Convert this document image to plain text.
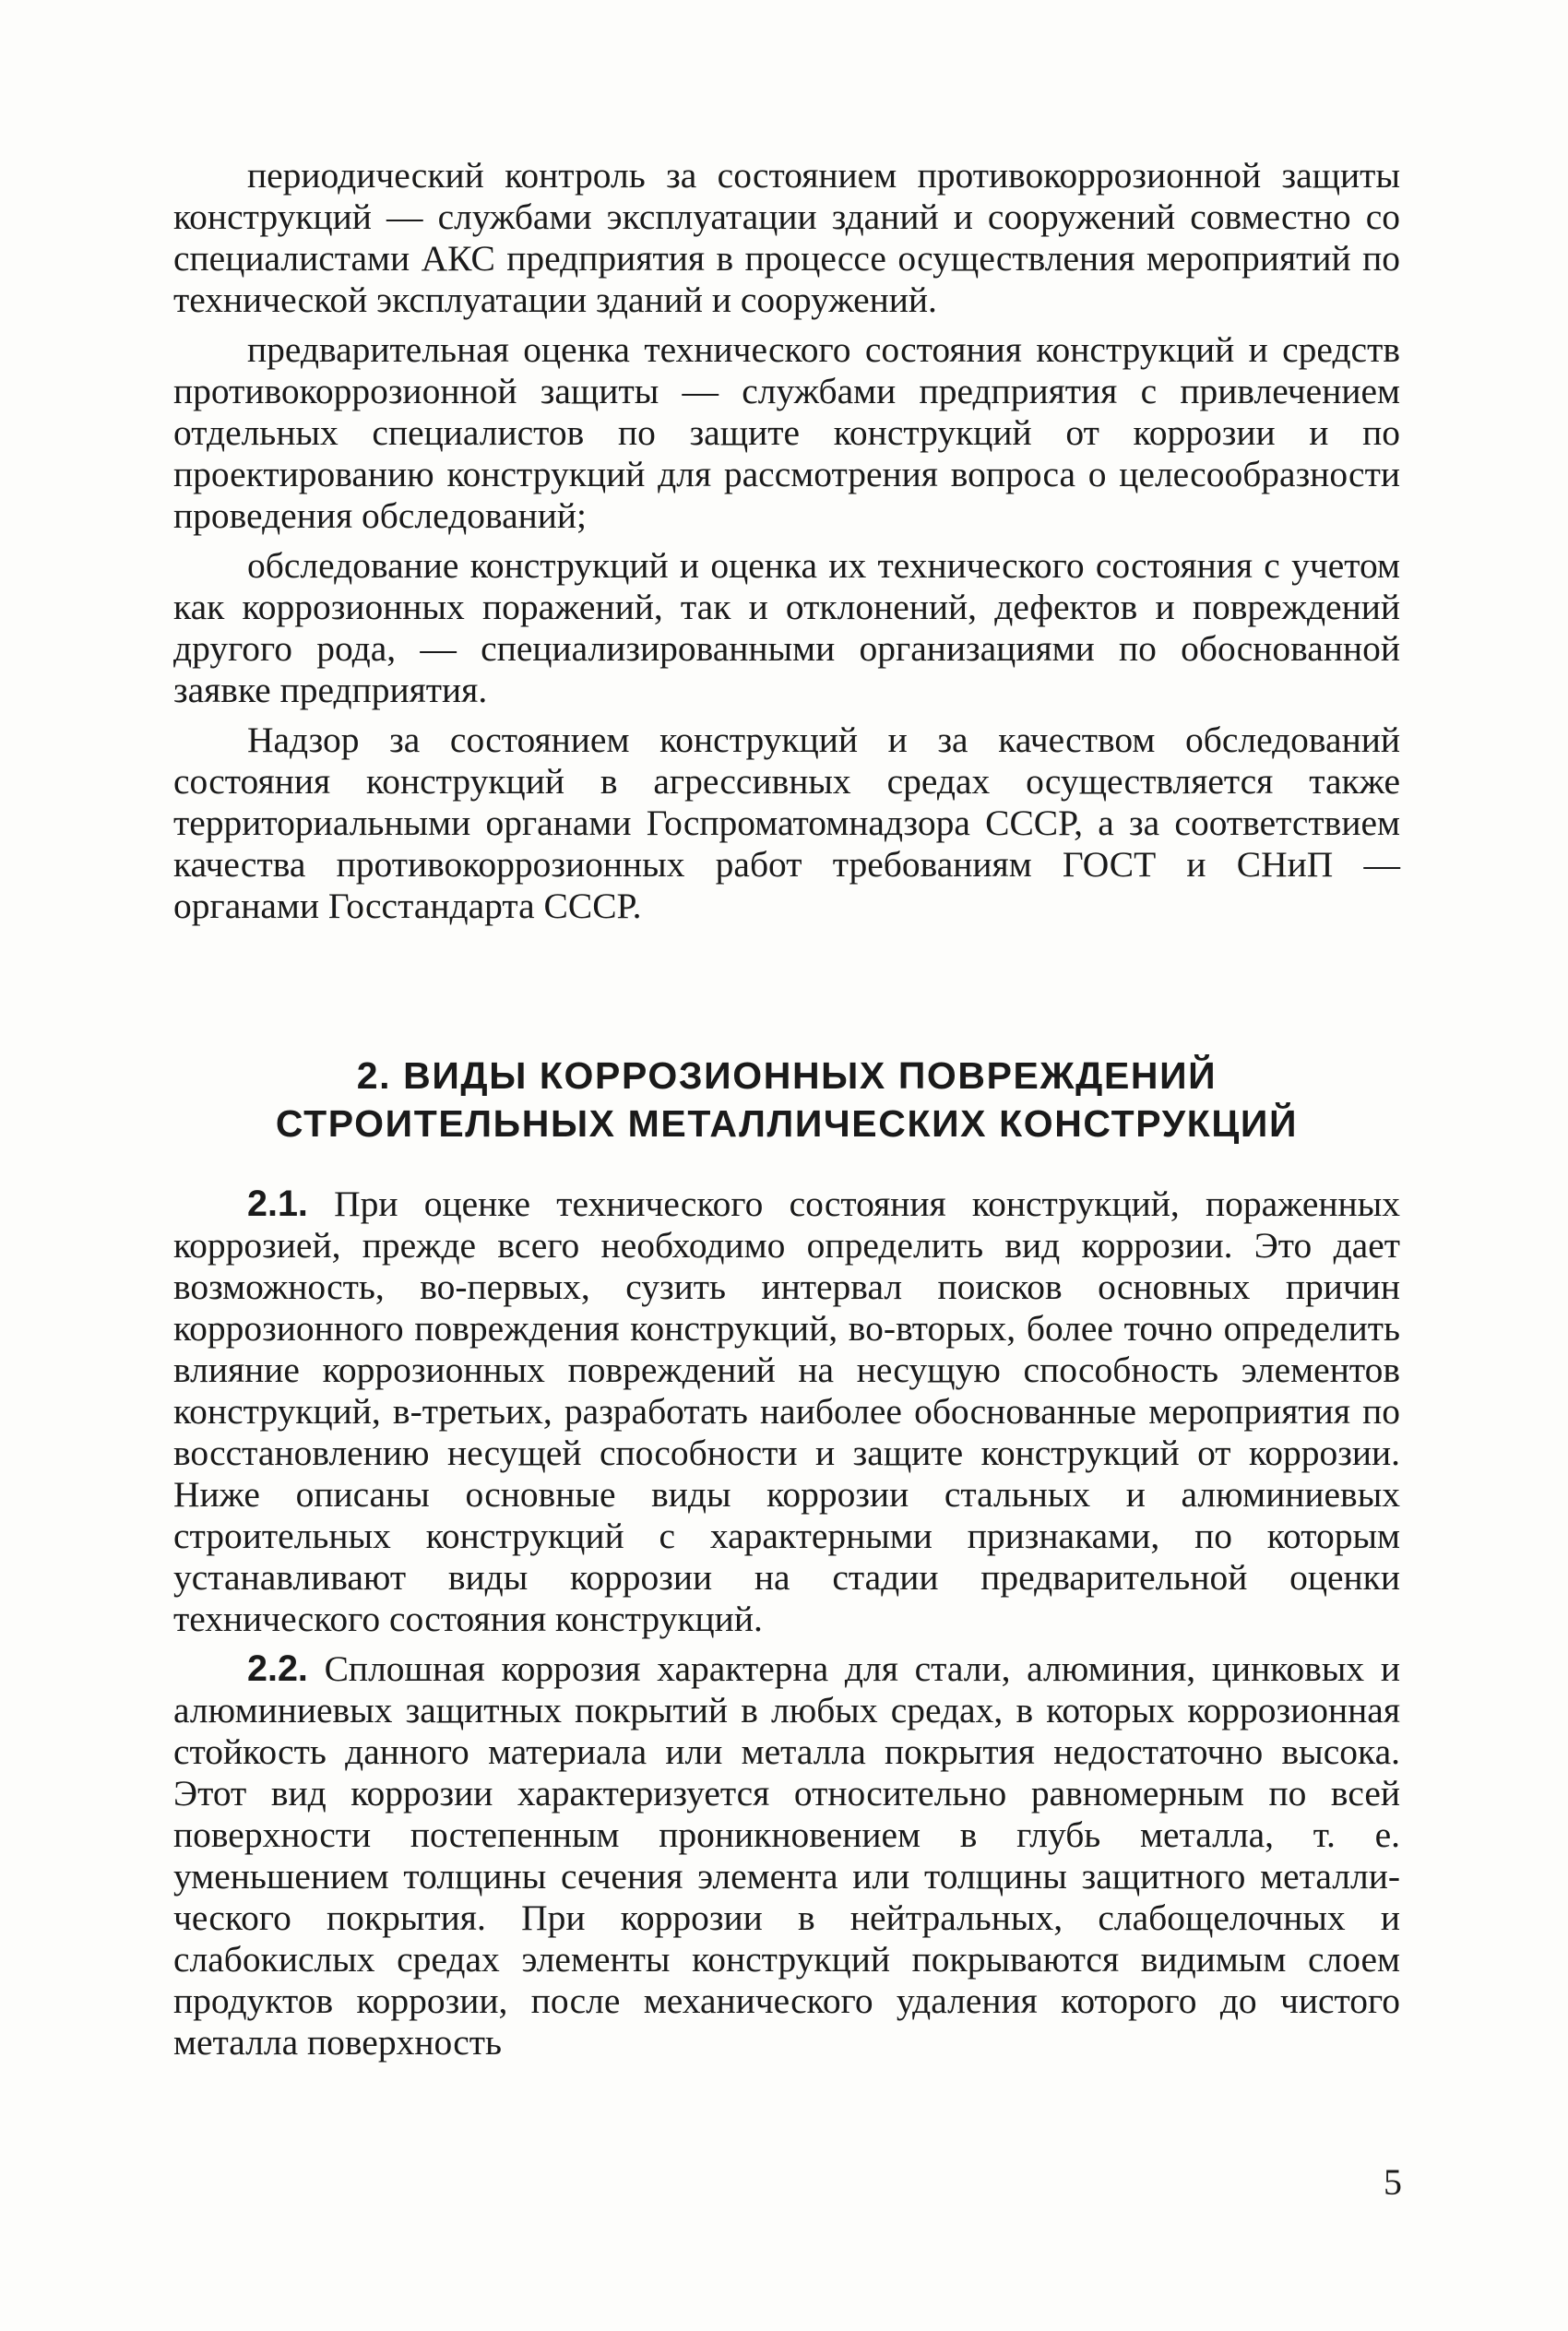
периодический контроль за состоянием противокоррозионной защиты конструкций — службами эксплуатации зданий и сооружений совместно со специалистами АКС предприятия в процессе осуществления мероприятий по технической эксплуатации зданий и сооружений.

предварительная оценка технического состояния конструкций и средств противокоррозионной защиты — службами предприятия с привлечением отдельных специалистов по защите конструкций от коррозии и по проектированию конструкций для рассмотрения вопроса о целесообразности проведения обследований;

обследование конструкций и оценка их технического состояния с учетом как коррозионных поражений, так и отклонений, дефектов и повреждений другого рода, — специализированными организациями по обоснованной заявке предприятия.

Надзор за состоянием конструкций и за качеством обследований состояния конструкций в агрессивных средах осуществляется также территориальными органами Госпроматомнадзора СССР, а за соответствием качества противокоррозионных работ требованиям ГОСТ и СНиП — органами Госстандарта СССР.

2. ВИДЫ КОРРОЗИОННЫХ ПОВРЕЖДЕНИЙ
СТРОИТЕЛЬНЫХ МЕТАЛЛИЧЕСКИХ КОНСТРУКЦИЙ

2.1. При оценке технического состояния конструкций, пораженных коррозией, прежде всего необходимо определить вид коррозии. Это дает возможность, во-первых, сузить интервал поисков основных причин коррозионного повреждения конструкций, во-вторых, более точно определить влияние коррозионных повреждений на несущую способность элементов конструкций, в-третьих, разработать наиболее обоснованные мероприятия по восстановлению несущей способности и защите конструкций от коррозии. Ниже описаны основные виды коррозии стальных и алюминиевых строительных конструкций с характерными признаками, по которым устанавливают виды коррозии на стадии предварительной оценки технического состояния конструкций.

2.2. Сплошная коррозия характерна для стали, алюминия, цинковых и алюминиевых защитных покрытий в любых средах, в которых коррозионная стойкость данного материала или металла покрытия недостаточно высока. Этот вид коррозии характеризуется относительно равномерным по всей поверхности постепенным проникновением в глубь металла, т. е. уменьшением толщины сечения элемента или толщины защитного металлического покрытия. При коррозии в нейтральных, слабощелочных и слабокислых средах элементы конструкций покрываются видимым слоем продуктов коррозии, после механического удаления которого до чистого металла поверхность

5
